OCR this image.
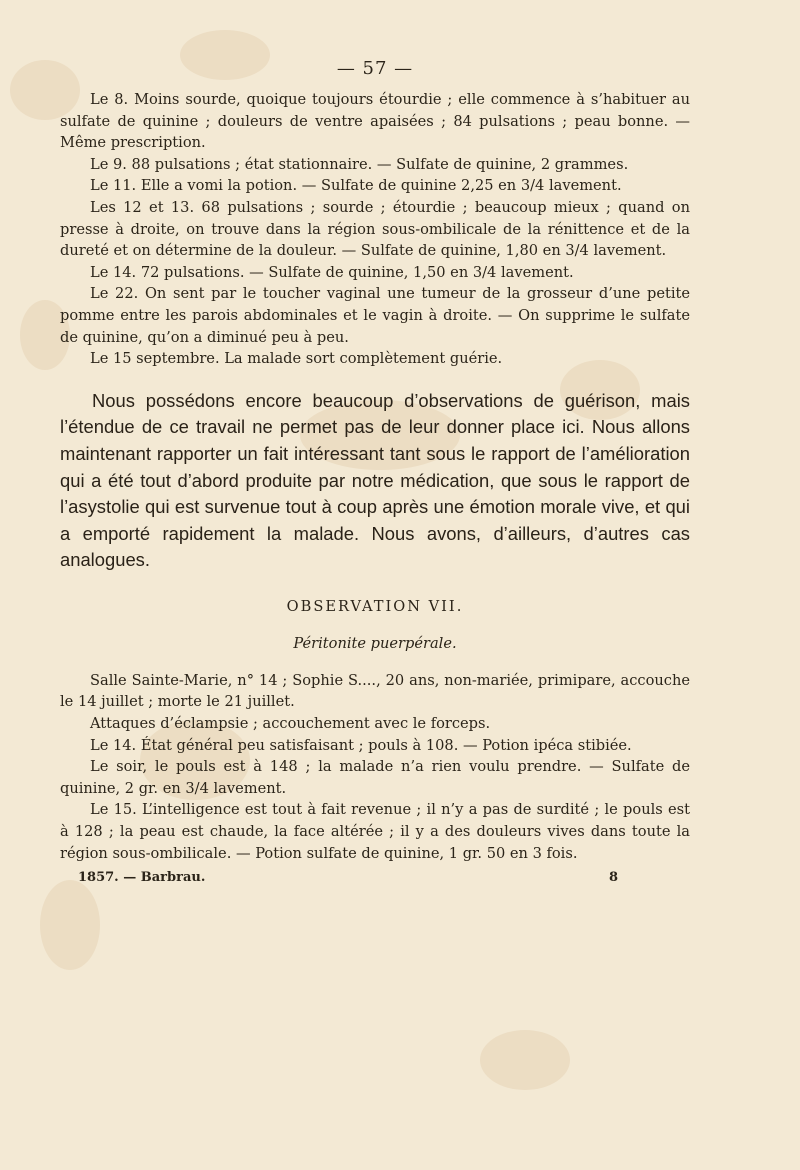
— 57 —

Le 8. Moins sourde, quoique toujours étourdie ; elle commence à s’habituer au sulfate de quinine ; douleurs de ventre apaisées ; 84 pulsations ; peau bonne. — Même prescription.

Le 9. 88 pulsations ; état stationnaire. — Sulfate de quinine, 2 grammes.

Le 11. Elle a vomi la potion. — Sulfate de quinine 2,25 en 3/4 lavement.

Les 12 et 13. 68 pulsations ; sourde ; étourdie ; beaucoup mieux ; quand on presse à droite, on trouve dans la région sous-ombilicale de la rénittence et de la dureté et on détermine de la douleur. — Sulfate de quinine, 1,80 en 3/4 lavement.

Le 14. 72 pulsations. — Sulfate de quinine, 1,50 en 3/4 lavement.

Le 22. On sent par le toucher vaginal une tumeur de la grosseur d’une petite pomme entre les parois abdominales et le vagin à droite. — On supprime le sulfate de quinine, qu’on a diminué peu à peu.

Le 15 septembre. La malade sort complètement guérie.

Nous possédons encore beaucoup d’observations de guérison, mais l’étendue de ce travail ne permet pas de leur donner place ici. Nous allons maintenant rapporter un fait intéressant tant sous le rapport de l’amélioration qui a été tout d’abord produite par notre médication, que sous le rapport de l’asystolie qui est survenue tout à coup après une émotion morale vive, et qui a emporté rapidement la malade. Nous avons, d’ailleurs, d’autres cas analogues.

OBSERVATION VII.
Péritonite puerpérale.

Salle Sainte-Marie, n° 14 ; Sophie S...., 20 ans, non-mariée, primipare, accouche le 14 juillet ; morte le 21 juillet.

Attaques d’éclampsie ; accouchement avec le forceps.

Le 14. État général peu satisfaisant ; pouls à 108. — Potion ipéca stibiée.

Le soir, le pouls est à 148 ; la malade n’a rien voulu prendre. — Sulfate de quinine, 2 gr. en 3/4 lavement.

Le 15. L’intelligence est tout à fait revenue ; il n’y a pas de surdité ; le pouls est à 128 ; la peau est chaude, la face altérée ; il y a des douleurs vives dans toute la région sous-ombilicale. — Potion sulfate de quinine, 1 gr. 50 en 3 fois.

1857. — Barbrau.	8
